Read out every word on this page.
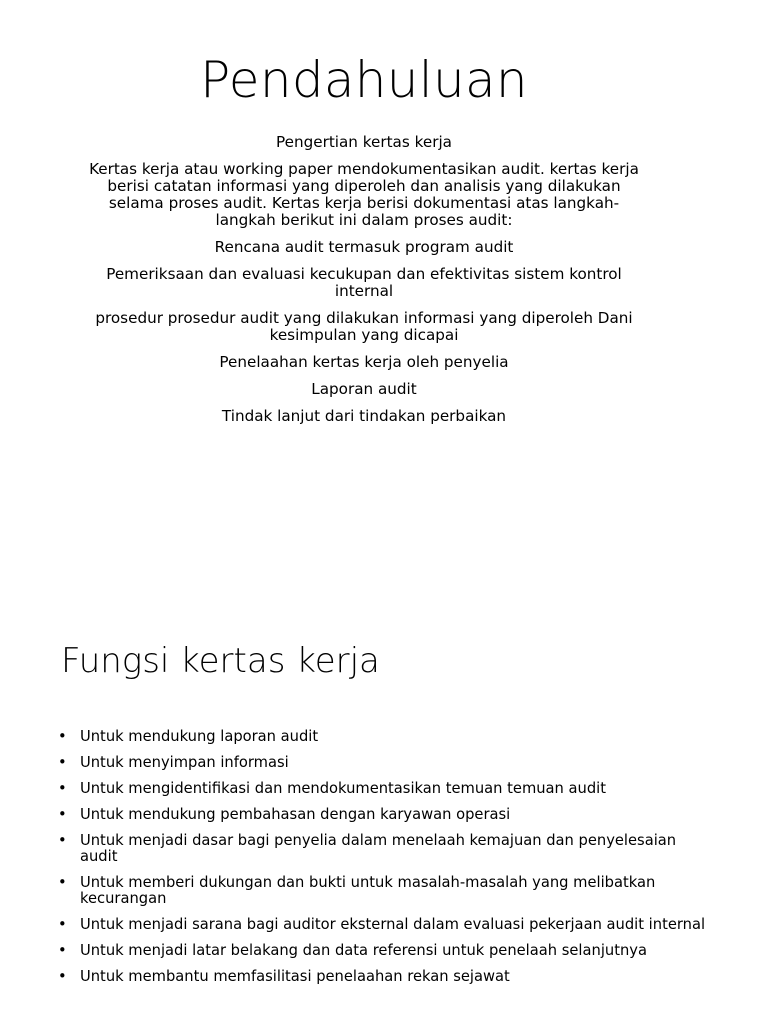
Pendahuluan

Pengertian kertas kerja

Kertas kerja atau working paper mendokumentasikan audit. kertas kerja berisi catatan informasi yang diperoleh dan analisis yang dilakukan selama proses audit. Kertas kerja berisi dokumentasi atas langkah-langkah berikut ini dalam proses audit:

Rencana audit termasuk program audit

Pemeriksaan dan evaluasi kecukupan dan efektivitas sistem kontrol internal

prosedur prosedur audit yang dilakukan informasi yang diperoleh Dani kesimpulan yang dicapai

Penelaahan kertas kerja oleh penyelia

Laporan audit

Tindak lanjut dari tindakan perbaikan

Fungsi kertas kerja
• Untuk mendukung laporan audit
• Untuk menyimpan informasi
• Untuk mengidentifikasi dan mendokumentasikan temuan temuan audit
• Untuk mendukung pembahasan dengan karyawan operasi
• Untuk menjadi dasar bagi penyelia dalam menelaah kemajuan dan penyelesaian audit
• Untuk memberi dukungan dan bukti untuk masalah-masalah yang melibatkan kecurangan
• Untuk menjadi sarana bagi auditor eksternal dalam evaluasi pekerjaan audit internal
• Untuk menjadi latar belakang dan data referensi untuk penelaah selanjutnya
• Untuk membantu memfasilitasi penelaahan rekan sejawat
